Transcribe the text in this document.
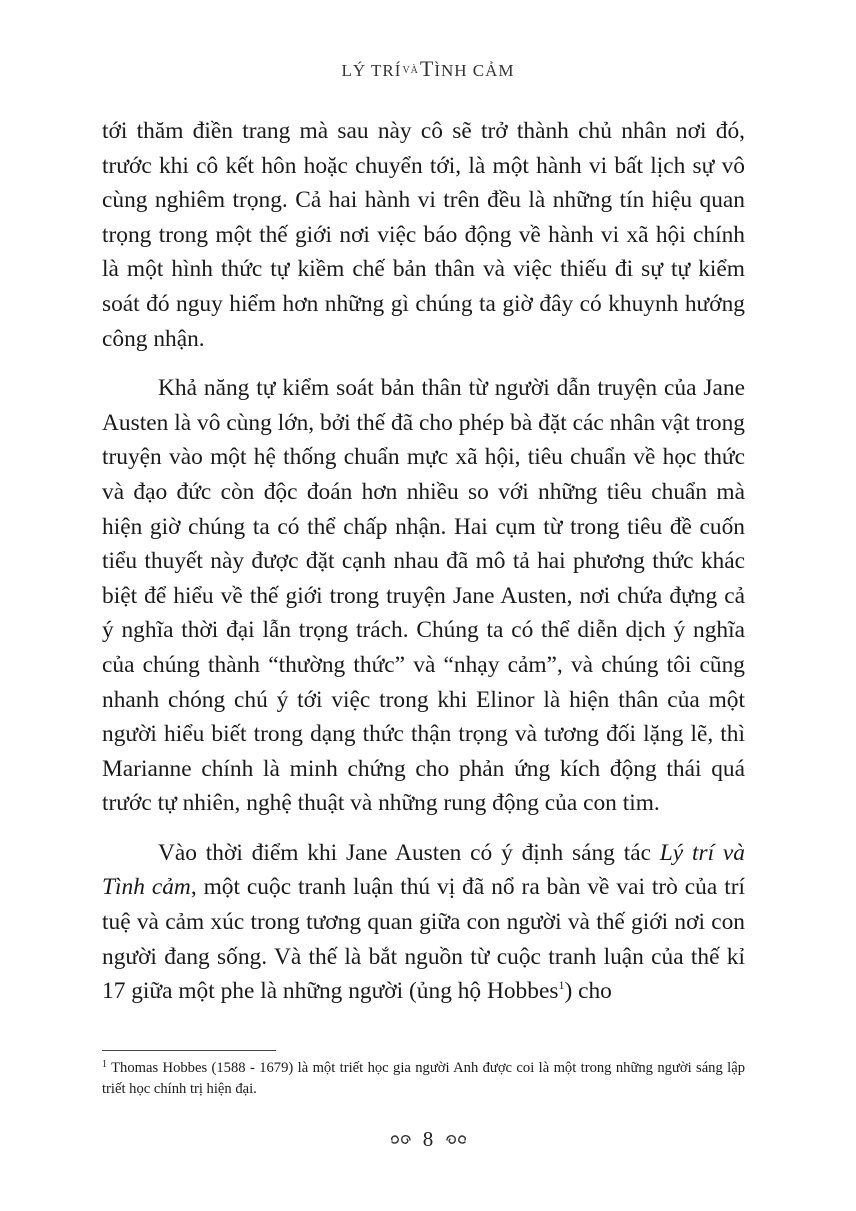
LÝ TRÍVÀTÌNH CẢM

tới thăm điền trang mà sau này cô sẽ trở thành chủ nhân nơi đó, trước khi cô kết hôn hoặc chuyển tới, là một hành vi bất lịch sự vô cùng nghiêm trọng. Cả hai hành vi trên đều là những tín hiệu quan trọng trong một thế giới nơi việc báo động về hành vi xã hội chính là một hình thức tự kiềm chế bản thân và việc thiếu đi sự tự kiểm soát đó nguy hiểm hơn những gì chúng ta giờ đây có khuynh hướng công nhận.

Khả năng tự kiểm soát bản thân từ người dẫn truyện của Jane Austen là vô cùng lớn, bởi thế đã cho phép bà đặt các nhân vật trong truyện vào một hệ thống chuẩn mực xã hội, tiêu chuẩn về học thức và đạo đức còn độc đoán hơn nhiều so với những tiêu chuẩn mà hiện giờ chúng ta có thể chấp nhận. Hai cụm từ trong tiêu đề cuốn tiểu thuyết này được đặt cạnh nhau đã mô tả hai phương thức khác biệt để hiểu về thế giới trong truyện Jane Austen, nơi chứa đựng cả ý nghĩa thời đại lẫn trọng trách. Chúng ta có thể diễn dịch ý nghĩa của chúng thành “thường thức” và “nhạy cảm”, và chúng tôi cũng nhanh chóng chú ý tới việc trong khi Elinor là hiện thân của một người hiểu biết trong dạng thức thận trọng và tương đối lặng lẽ, thì Marianne chính là minh chứng cho phản ứng kích động thái quá trước tự nhiên, nghệ thuật và những rung động của con tim.

Vào thời điểm khi Jane Austen có ý định sáng tác Lý trí và Tình cảm, một cuộc tranh luận thú vị đã nổ ra bàn về vai trò của trí tuệ và cảm xúc trong tương quan giữa con người và thế giới nơi con người đang sống. Và thế là bắt nguồn từ cuộc tranh luận của thế kỉ 17 giữa một phe là những người (ủng hộ Hobbes$^1$) cho

$^1$ Thomas Hobbes (1588 - 1679) là một triết học gia người Anh được coi là một trong những người sáng lập triết học chính trị hiện đại.
8
